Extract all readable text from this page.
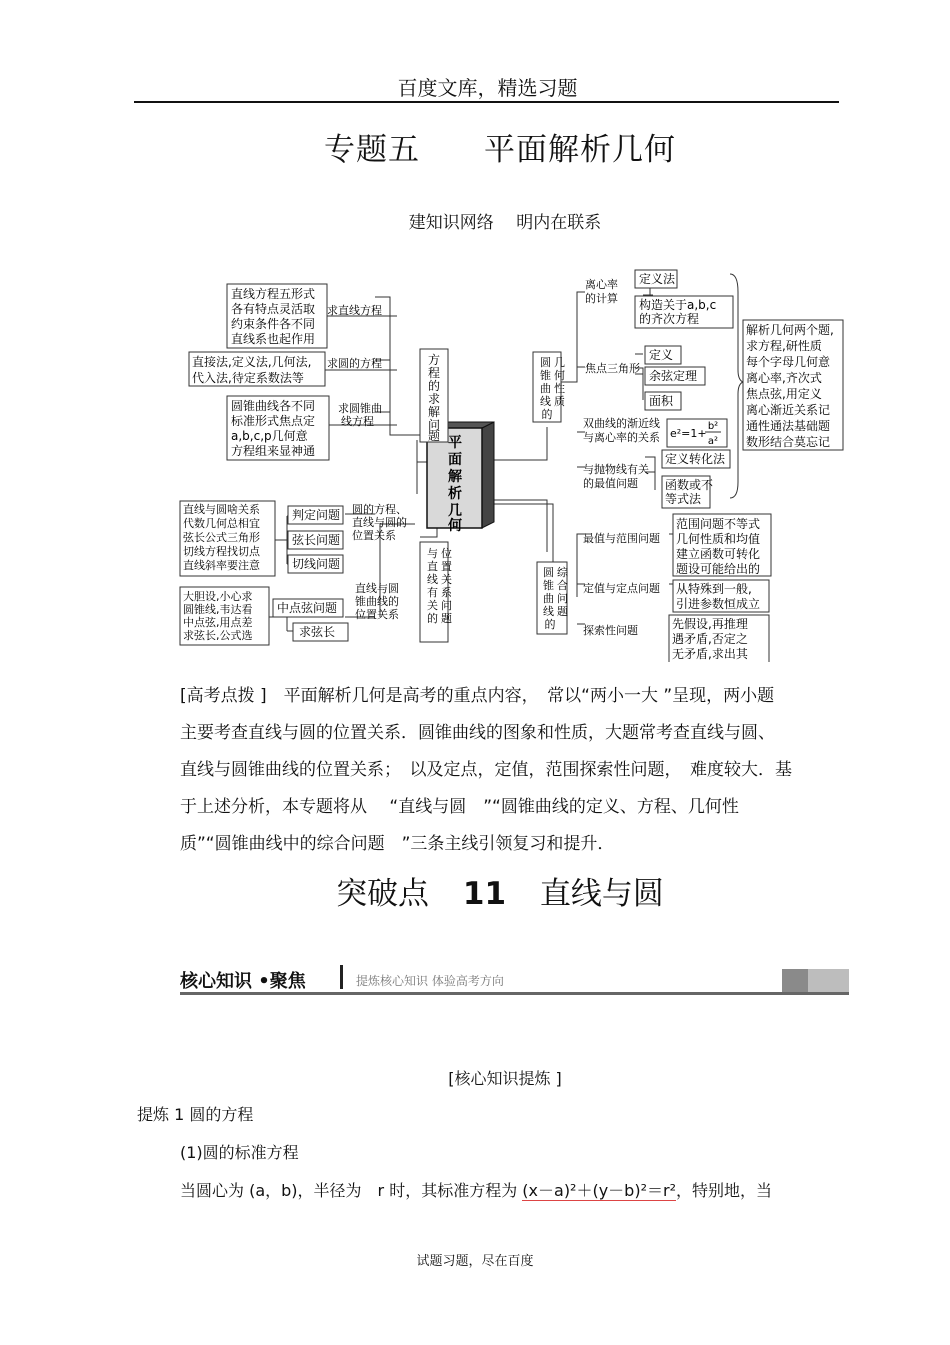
百度文库，精选习题
专题五　　平面解析几何
建知识网络　 明内在联系
平
面
解
析
几
何
方
程
的
求
解
问
题
直线方程五形式
各有特点灵活取
约束条件各不同
直线系也起作用
求直线方程
直接法,定义法,几何法,
代入法,待定系数法等
求圆的方程
圆锥曲线各不同
标准形式焦点定
a,b,c,p几何意
方程组来显神通
求圆锥曲
线方程
与 位
直 置
线 关
有 系
关 问
的 题
圆的方程、
直线与圆的
位置关系
直线与圆
锥曲线的
位置关系
判定问题
弦长问题
切线问题
直线与圆啥关系
代数几何总相宜
弦长公式三角形
切线方程找切点
直线斜率要注意
中点弦问题
求弦长
大胆设,小心求
圆锥线,韦达看
中点弦,用点差
求弦长,公式选
圆 几
锥 何
曲 性
线 质
的
离心率
的计算
定义法
构造关于a,b,c
的齐次方程
焦点三角形
定义
余弦定理
面积
双曲线的渐近线
与离心率的关系 e²=1+
b²
a²
与抛物线有关
的最值问题
定义转化法
函数或不
等式法
解析几何两个题,
求方程,研性质
每个字母几何意
离心率,齐次式
焦点弦,用定义
离心渐近关系记
通性通法基础题
数形结合莫忘记
圆 综
锥 合
曲 问
线 题
的
最值与范围问题
范围问题不等式
几何性质和均值
建立函数可转化
题设可能给出的
定值与定点问题 从特殊到一般,
引进参数恒成立
探索性问题	先假设,再推理
遇矛盾,否定之
无矛盾,求出其
[高考点拨 ]　平面解析几何是高考的重点内容，　常以“两小一大 ”呈现，两小题
主要考查直线与圆的位置关系．圆锥曲线的图象和性质，大题常考查直线与圆、
直线与圆锥曲线的位置关系；　以及定点，定值，范围探索性问题，　难度较大．基
于上述分析，本专题将从　 “直线与圆　”“圆锥曲线的定义、方程、几何性
质”“圆锥曲线中的综合问题　”三条主线引领复习和提升．
突破点 11 直线与圆
核心知识 •聚焦	提炼核心知识 体验高考方向
[核心知识提炼 ]
提炼 1 圆的方程
(1)圆的标准方程
当圆心为 (a，b)，半径为　r 时，其标准方程为 (x－a)²＋(y－b)²＝r²，特别地，当
试题习题，尽在百度
